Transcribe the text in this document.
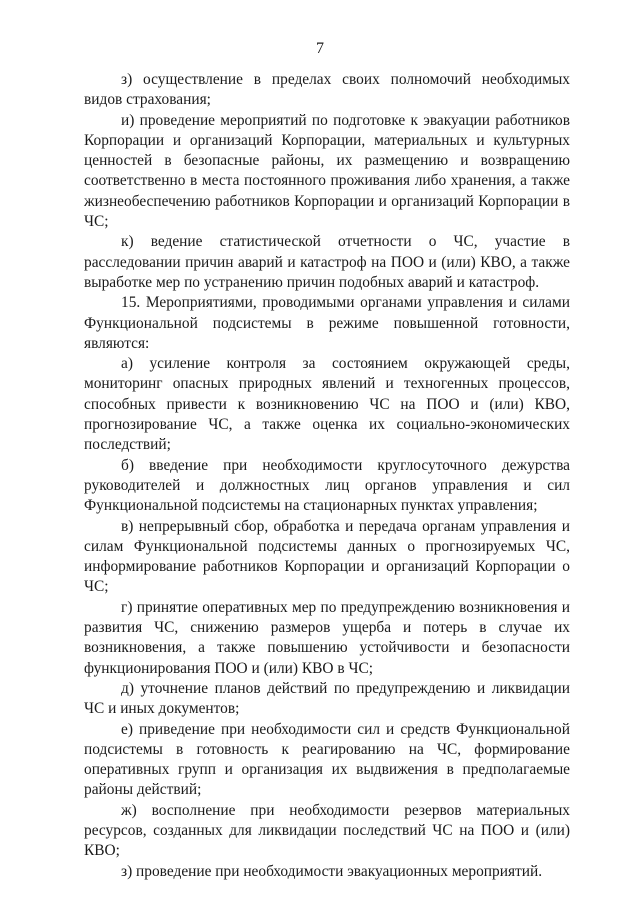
7

з) осуществление в пределах своих полномочий необходимых видов страхования;

и) проведение мероприятий по подготовке к эвакуации работников Корпорации и организаций Корпорации, материальных и культурных ценностей в безопасные районы, их размещению и возвращению соответственно в места постоянного проживания либо хранения, а также жизнеобеспечению работников Корпорации и организаций Корпорации в ЧС;

к) ведение статистической отчетности о ЧС, участие в расследовании причин аварий и катастроф на ПОО и (или) КВО, а также выработке мер по устранению причин подобных аварий и катастроф.

15. Мероприятиями, проводимыми органами управления и силами Функциональной подсистемы в режиме повышенной готовности, являются:

а) усиление контроля за состоянием окружающей среды, мониторинг опасных природных явлений и техногенных процессов, способных привести к возникновению ЧС на ПОО и (или) КВО, прогнозирование ЧС, а также оценка их социально-экономических последствий;

б) введение при необходимости круглосуточного дежурства руководителей и должностных лиц органов управления и сил Функциональной подсистемы на стационарных пунктах управления;

в) непрерывный сбор, обработка и передача органам управления и силам Функциональной подсистемы данных о прогнозируемых ЧС, информирование работников Корпорации и организаций Корпорации о ЧС;

г) принятие оперативных мер по предупреждению возникновения и развития ЧС, снижению размеров ущерба и потерь в случае их возникновения, а также повышению устойчивости и безопасности функционирования ПОО и (или) КВО в ЧС;

д) уточнение планов действий по предупреждению и ликвидации ЧС и иных документов;

е) приведение при необходимости сил и средств Функциональной подсистемы в готовность к реагированию на ЧС, формирование оперативных групп и организация их выдвижения в предполагаемые районы действий;

ж) восполнение при необходимости резервов материальных ресурсов, созданных для ликвидации последствий ЧС на ПОО и (или) КВО;

з) проведение при необходимости эвакуационных мероприятий.
